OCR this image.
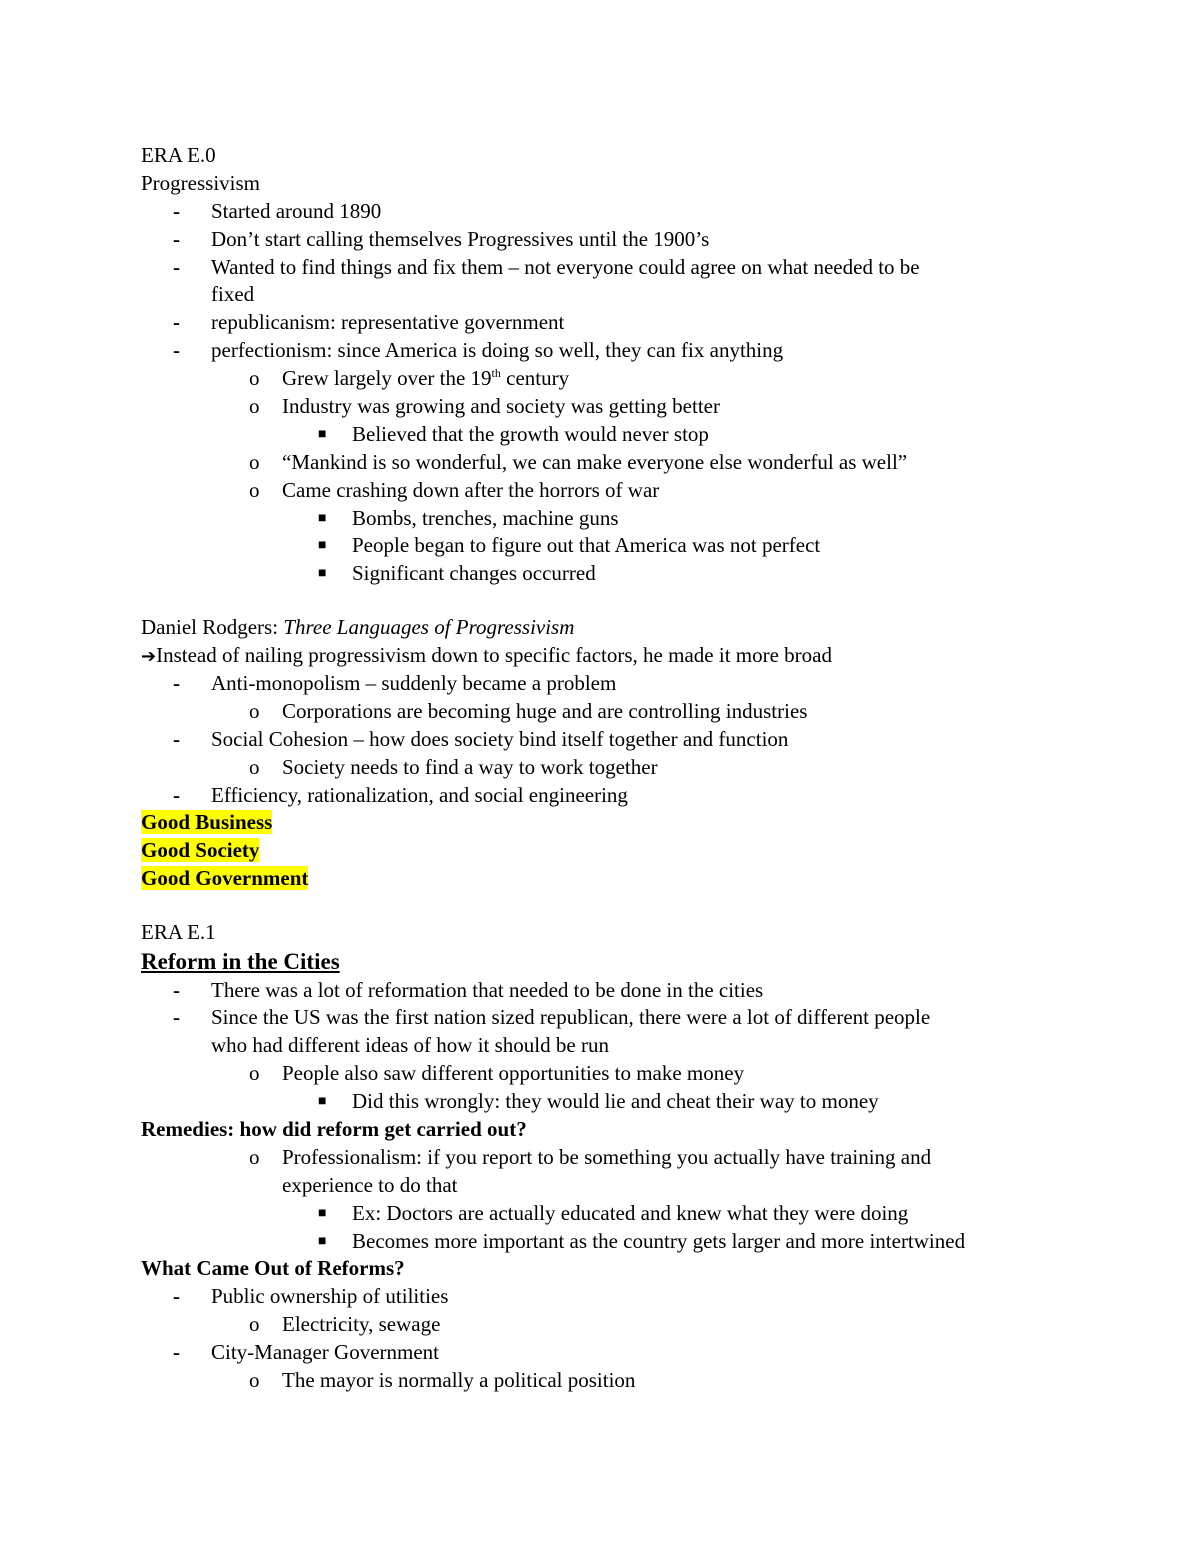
ERA E.0
Progressivism
- Started around 1890
- Don’t start calling themselves Progressives until the 1900’s
- Wanted to find things and fix them – not everyone could agree on what needed to be
fixed
- republicanism: representative government
- perfectionism: since America is doing so well, they can fix anything
o Grew largely over the 19th century
o Industry was growing and society was getting better
■ Believed that the growth would never stop
o “Mankind is so wonderful, we can make everyone else wonderful as well”
o Came crashing down after the horrors of war
■ Bombs, trenches, machine guns
■ People began to figure out that America was not perfect
■ Significant changes occurred
Daniel Rodgers: Three Languages of Progressivism
➔Instead of nailing progressivism down to specific factors, he made it more broad
- Anti-monopolism – suddenly became a problem
o Corporations are becoming huge and are controlling industries
- Social Cohesion – how does society bind itself together and function
o Society needs to find a way to work together
- Efficiency, rationalization, and social engineering
Good Business
Good Society
Good Government
ERA E.1
Reform in the Cities
- There was a lot of reformation that needed to be done in the cities
- Since the US was the first nation sized republican, there were a lot of different people
who had different ideas of how it should be run
o People also saw different opportunities to make money
■ Did this wrongly: they would lie and cheat their way to money
Remedies: how did reform get carried out?
o Professionalism: if you report to be something you actually have training and
experience to do that
■ Ex: Doctors are actually educated and knew what they were doing
■ Becomes more important as the country gets larger and more intertwined
What Came Out of Reforms?
- Public ownership of utilities
o Electricity, sewage
- City-Manager Government
o The mayor is normally a political position
